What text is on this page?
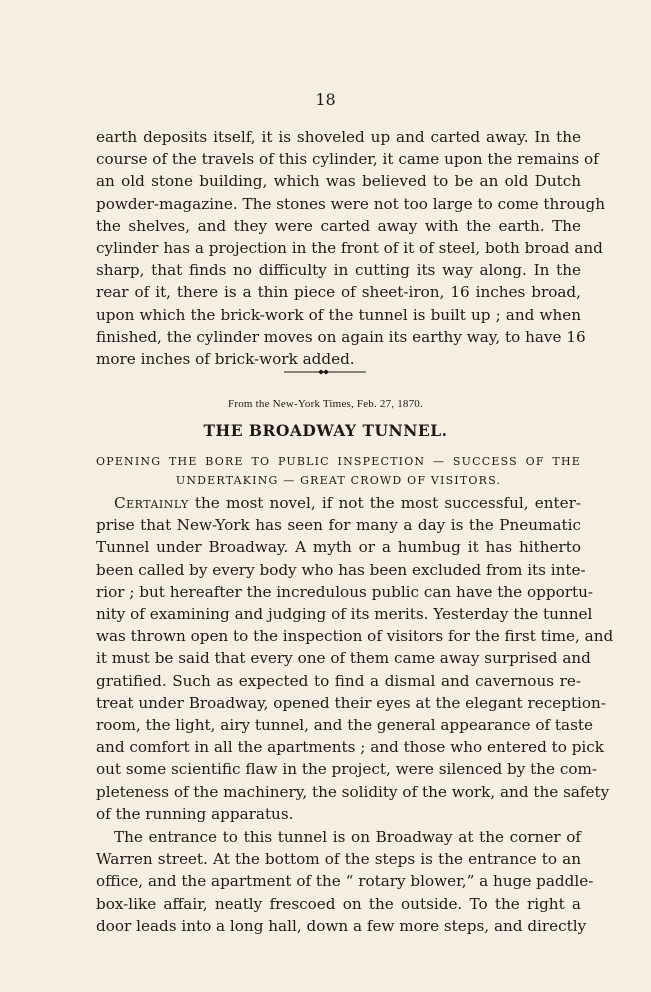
18

earth deposits itself, it is shoveled up and carted away. In the
course of the travels of this cylinder, it came upon the remains of
an old stone building, which was believed to be an old Dutch
powder-magazine. The stones were not too large to come through
the shelves, and they were carted away with the earth. The
cylinder has a projection in the front of it of steel, both broad and
sharp, that finds no difficulty in cutting its way along. In the
rear of it, there is a thin piece of sheet-iron, 16 inches broad,
upon which the brick-work of the tunnel is built up ; and when
finished, the cylinder moves on again its earthy way, to have 16
more inches of brick-work added.

From the New-York Times, Feb. 27, 1870.
THE BROADWAY TUNNEL.
OPENING THE BORE TO PUBLIC INSPECTION — SUCCESS OF THE
UNDERTAKING — GREAT CROWD OF VISITORS.

Certainly the most novel, if not the most successful, enter-
prise that New-York has seen for many a day is the Pneumatic
Tunnel under Broadway. A myth or a humbug it has hitherto
been called by every body who has been excluded from its inte-
rior ; but hereafter the incredulous public can have the opportu-
nity of examining and judging of its merits. Yesterday the tunnel
was thrown open to the inspection of visitors for the first time, and
it must be said that every one of them came away surprised and
gratified. Such as expected to find a dismal and cavernous re-
treat under Broadway, opened their eyes at the elegant reception-
room, the light, airy tunnel, and the general appearance of taste
and comfort in all the apartments ; and those who entered to pick
out some scientific flaw in the project, were silenced by the com-
pleteness of the machinery, the solidity of the work, and the safety
of the running apparatus.

The entrance to this tunnel is on Broadway at the corner of
Warren street. At the bottom of the steps is the entrance to an
office, and the apartment of the “ rotary blower,” a huge paddle-
box-like affair, neatly frescoed on the outside. To the right a
door leads into a long hall, down a few more steps, and directly
